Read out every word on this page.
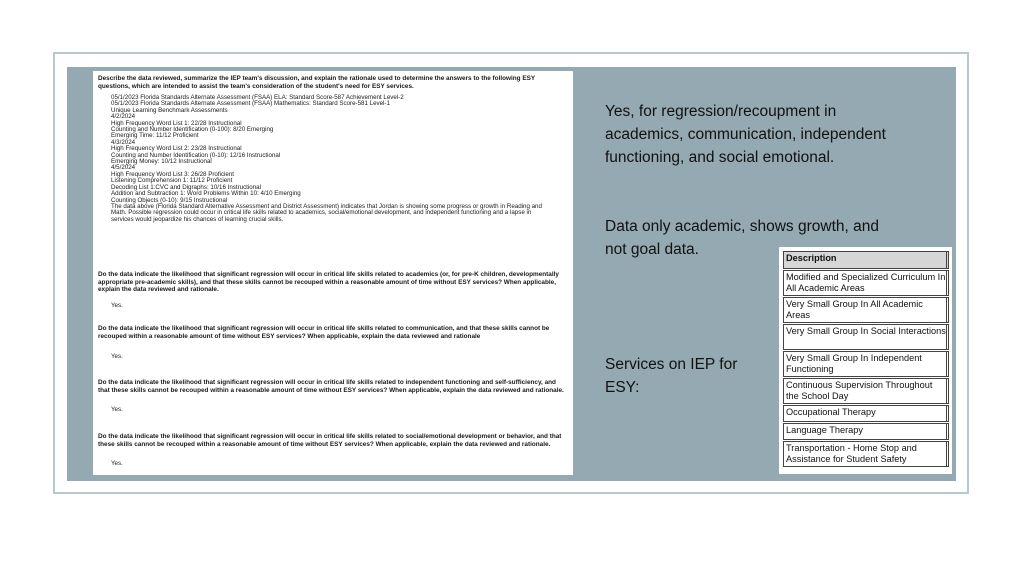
Describe the data reviewed, summarize the IEP team's discussion, and explain the rationale used to determine the answers to the following ESY questions, which are intended to assist the team's consideration of the student's need for ESY services.
05/1/2023 Florida Standards Alternate Assessment (FSAA) ELA: Standard Score-587 Achievement Level-2
05/1/2023 Florida Standards Alternate Assessment (FSAA) Mathematics: Standard Score-581 Level-1
Unique Learning Benchmark Assessments
4/2/2024
High Frequency Word List 1: 22/28 Instructional
Counting and Number Identification (0-100): 8/20 Emerging
Emerging Time: 11/12 Proficient
4/3/2024
High Frequency Word List 2: 23/28 Instructional
Counting and Number Identification (0-10): 12/16 Instructional
Emerging Money: 10/12 Instructional
4/5/2024
High Frequency Word List 3: 26/28 Proficient
Listening Comprehension 1: 11/12 Proficient
Decoding List 1:CVC and Digraphs: 10/16 Instructional
Addition and Subtraction 1: Word Problems Within 10: 4/10 Emerging
Counting Objects (0-10): 9/15 Instructional
The data above (Florida Standard Alternative Assessment and District Assessment) indicates that Jordan is showing some progress or growth in Reading and Math. Possible regression could occur in critical life skills related to academics, social/emotional development, and independent functioning and a lapse in services would jeopardize his chances of learning crucial skills.
Do the data indicate the likelihood that significant regression will occur in critical life skills related to academics (or, for pre-K children, developmentally appropriate pre-academic skills), and that these skills cannot be recouped within a reasonable amount of time without ESY services? When applicable, explain the data reviewed and rationale.
Yes.
Do the data indicate the likelihood that significant regression will occur in critical life skills related to communication, and that these skills cannot be recouped within a reasonable amount of time without ESY services? When applicable, explain the data reviewed and rationale
Yes.
Do the data indicate the likelihood that significant regression will occur in critical life skills related to independent functioning and self-sufficiency, and that these skills cannot be recouped within a reasonable amount of time without ESY services? When applicable, explain the data reviewed and rationale.
Yes.
Do the data indicate the likelihood that significant regression will occur in critical life skills related to social/emotional development or behavior, and that these skills cannot be recouped within a reasonable amount of time without ESY services? When applicable, explain the data reviewed and rationale.
Yes.
Yes, for regression/recoupment in academics, communication, independent functioning, and social emotional.
Data only academic, shows growth, and not goal data.
Services on IEP for ESY:
Description
Modified and Specialized Curriculum In All Academic Areas
Very Small Group In All Academic Areas
Very Small Group In Social Interactions
Very Small Group In Independent Functioning
Continuous Supervision Throughout the School Day
Occupational Therapy
Language Therapy
Transportation - Home Stop and Assistance for Student Safety
